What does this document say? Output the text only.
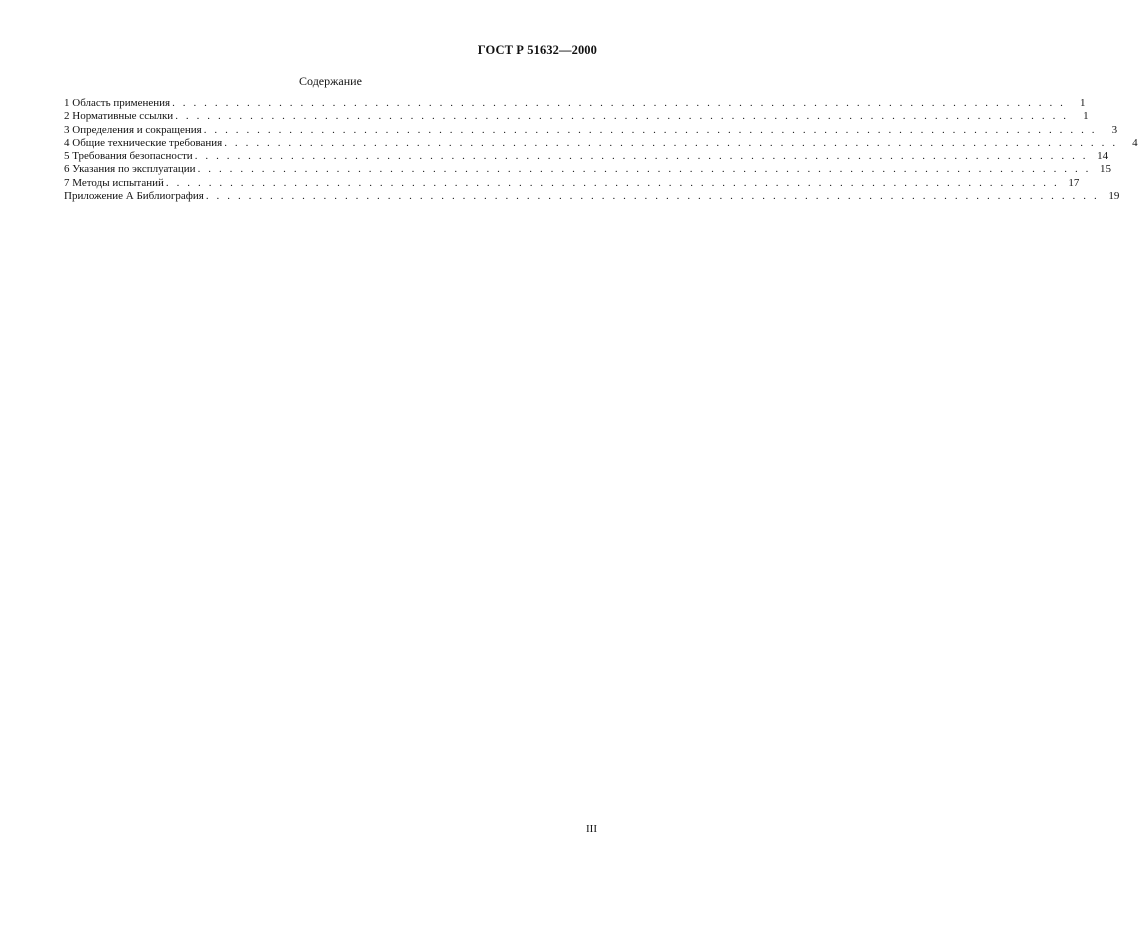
ГОСТ Р 51632—2000
Содержание
1 Область применения . . . . . . . . . . . . . . . . . . . . . . . . . . . . . . . . . . . . . . . . . . . . . . . . . . . . . . . . . . . . . . . . . . . . . . . . . . . . . . . . . . . .	1
2 Нормативные ссылки . . . . . . . . . . . . . . . . . . . . . . . . . . . . . . . . . . . . . . . . . . . . . . . . . . . . . . . . . . . . . . . . . . . . . . . . . . . . . . . . . . . .	1
3 Определения и сокращения . . . . . . . . . . . . . . . . . . . . . . . . . . . . . . . . . . . . . . . . . . . . . . . . . . . . . . . . . . . . . . . . . . . . . . . . . . . . . . . . . . . .	3
4 Общие технические требования . . . . . . . . . . . . . . . . . . . . . . . . . . . . . . . . . . . . . . . . . . . . . . . . . . . . . . . . . . . . . . . . . . . . . . . . . . . . . . . . . . . .	4
5 Требования безопасности . . . . . . . . . . . . . . . . . . . . . . . . . . . . . . . . . . . . . . . . . . . . . . . . . . . . . . . . . . . . . . . . . . . . . . . . . . . . . . . . . . . . 14
6 Указания по эксплуатации . . . . . . . . . . . . . . . . . . . . . . . . . . . . . . . . . . . . . . . . . . . . . . . . . . . . . . . . . . . . . . . . . . . . . . . . . . . . . . . . . . . . 15
7 Методы испытаний . . . . . . . . . . . . . . . . . . . . . . . . . . . . . . . . . . . . . . . . . . . . . . . . . . . . . . . . . . . . . . . . . . . . . . . . . . . . . . . . . . . . 17
Приложение А Библиография . . . . . . . . . . . . . . . . . . . . . . . . . . . . . . . . . . . . . . . . . . . . . . . . . . . . . . . . . . . . . . . . . . . . . . . . . . . . . . . . . . . . 19
III
